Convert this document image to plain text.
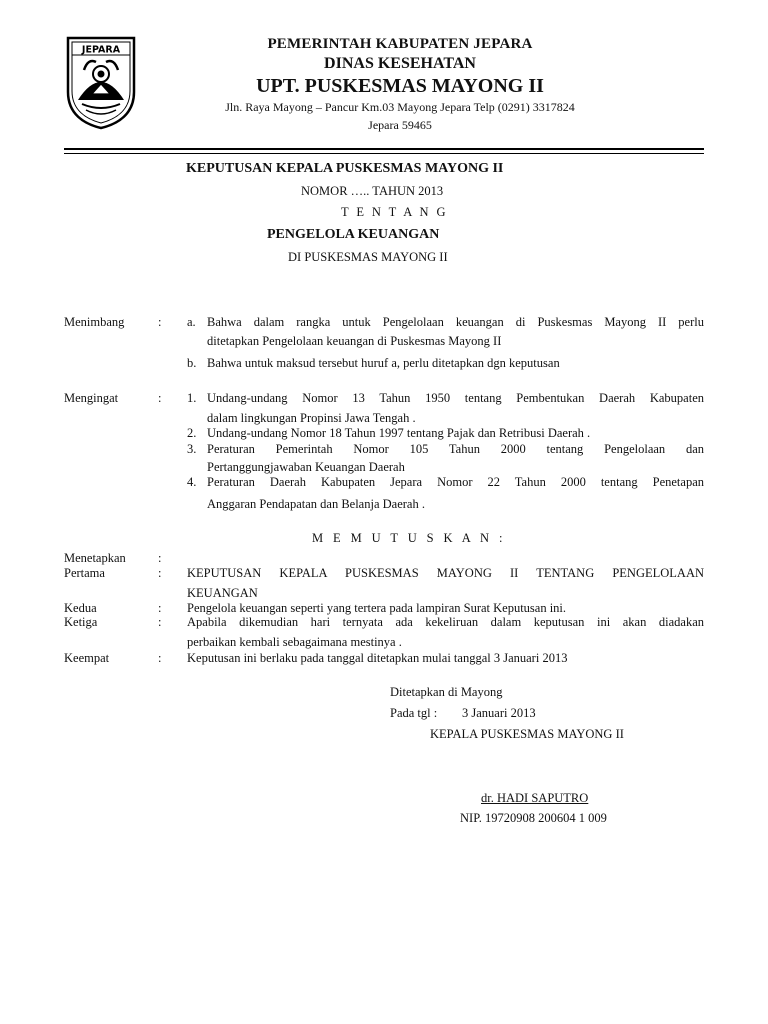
JEPARA	PEMERINTAH KABUPATEN JEPARA
DINAS KESEHATAN
UPT. PUSKESMAS MAYONG II
Jln. Raya Mayong – Pancur Km.03 Mayong Jepara Telp (0291) 3317824
Jepara 59465
KEPUTUSAN KEPALA PUSKESMAS MAYONG II
NOMOR ….. TAHUN 2013
T E N T A N G
PENGELOLA KEUANGAN
DI PUSKESMAS MAYONG II
Menimbang	: a. Bahwa dalam rangka untuk Pengelolaan keuangan di Puskesmas Mayong II perlu
ditetapkan Pengelolaan keuangan di Puskesmas Mayong II
b. Bahwa untuk maksud tersebut huruf a, perlu ditetapkan dgn keputusan
Mengingat	: 1. Undang-undang Nomor 13 Tahun 1950 tentang Pembentukan Daerah Kabupaten
dalam lingkungan Propinsi Jawa Tengah .
2. Undang-undang Nomor 18 Tahun 1997 tentang Pajak dan Retribusi Daerah .
3. Peraturan Pemerintah Nomor 105 Tahun 2000 tentang Pengelolaan dan
Pertanggungjawaban Keuangan Daerah
4. Peraturan Daerah Kabupaten Jepara Nomor 22 Tahun 2000 tentang Penetapan
Anggaran Pendapatan dan Belanja Daerah .
M E M U T U S K A N :
Menetapkan	:
Pertama	: KEPUTUSAN KEPALA PUSKESMAS MAYONG II TENTANG PENGELOLAAN
KEUANGAN
Kedua	: Pengelola keuangan seperti yang tertera pada lampiran Surat Keputusan ini.
Ketiga	: Apabila dikemudian hari ternyata ada kekeliruan dalam keputusan ini akan diadakan
perbaikan kembali sebagaimana mestinya .
Keempat	: Keputusan ini berlaku pada tanggal ditetapkan mulai tanggal 3 Januari 2013
Ditetapkan di Mayong
Pada tgl : 3 Januari 2013
KEPALA PUSKESMAS MAYONG II
dr. HADI SAPUTRO
NIP. 19720908 200604 1 009
